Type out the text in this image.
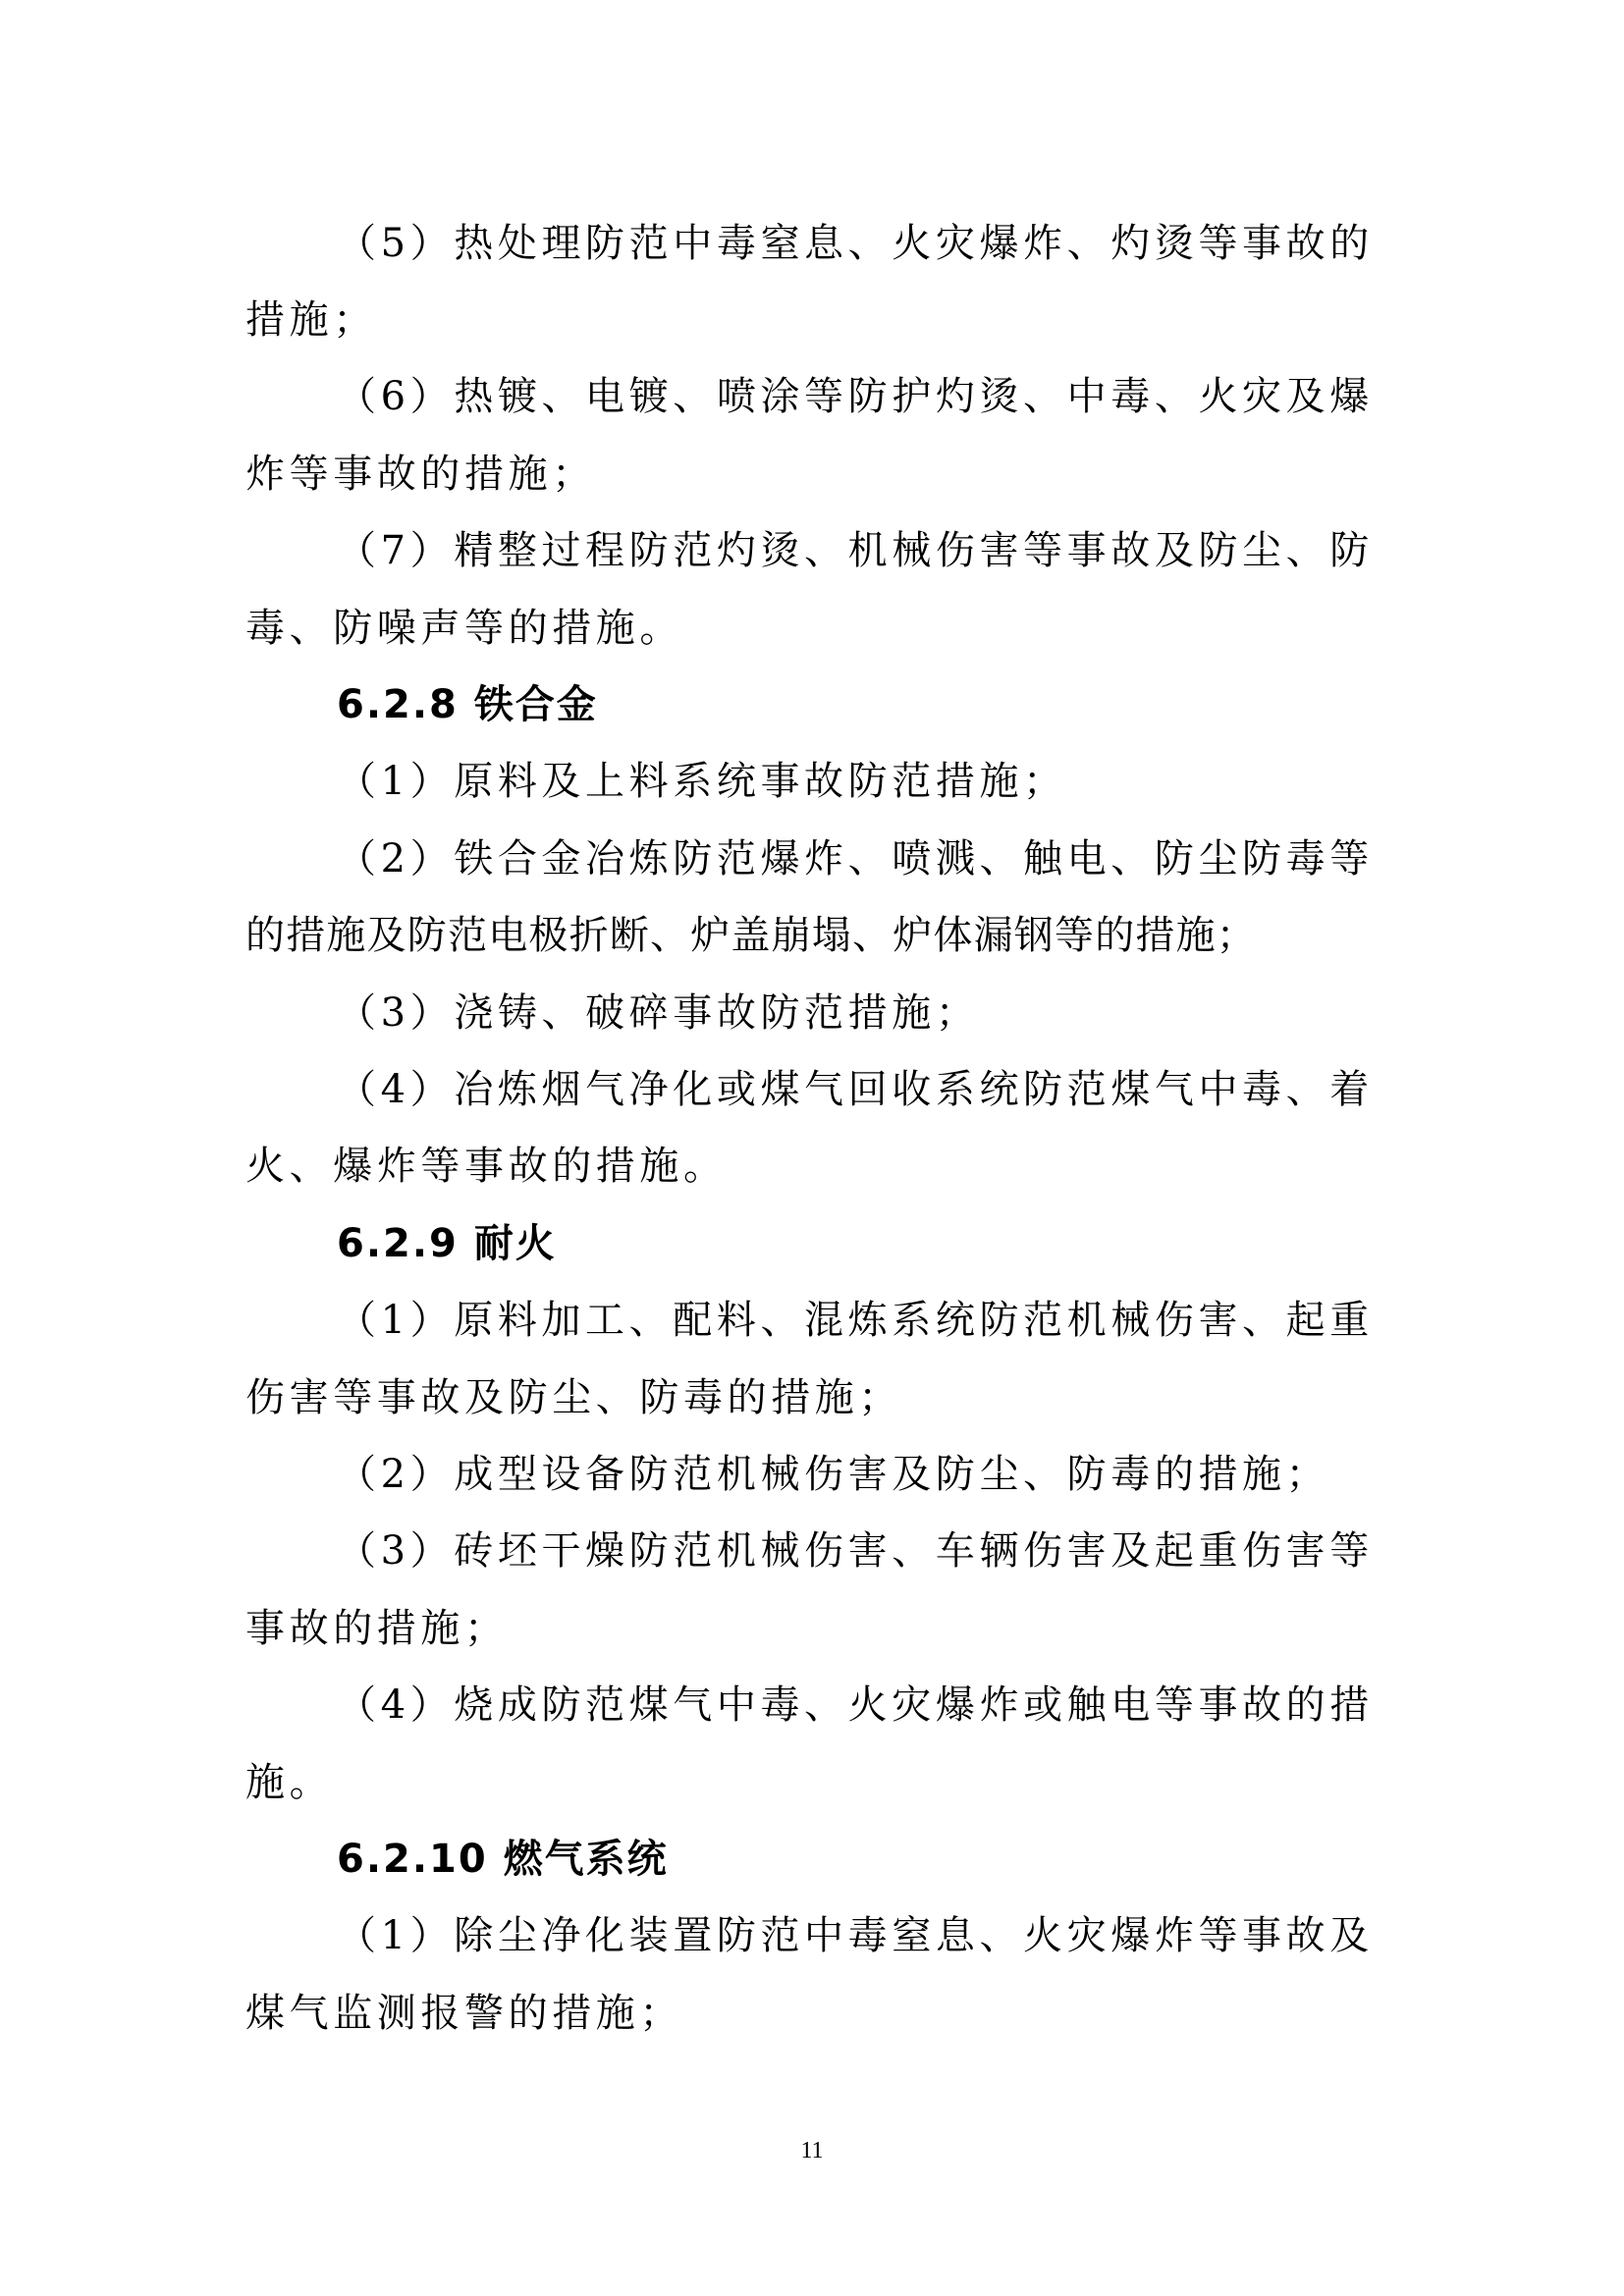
（5）热处理防范中毒窒息、火灾爆炸、灼烫等事故的
措施；
（6）热镀、电镀、喷涂等防护灼烫、中毒、火灾及爆
炸等事故的措施；
（7）精整过程防范灼烫、机械伤害等事故及防尘、防
毒、防噪声等的措施。
6.2.8 铁合金
（1）原料及上料系统事故防范措施；
（2）铁合金冶炼防范爆炸、喷溅、触电、防尘防毒等
的措施及防范电极折断、炉盖崩塌、炉体漏钢等的措施；
（3）浇铸、破碎事故防范措施；
（4）冶炼烟气净化或煤气回收系统防范煤气中毒、着
火、爆炸等事故的措施。
6.2.9 耐火
（1）原料加工、配料、混炼系统防范机械伤害、起重
伤害等事故及防尘、防毒的措施；
（2）成型设备防范机械伤害及防尘、防毒的措施；
（3）砖坯干燥防范机械伤害、车辆伤害及起重伤害等
事故的措施；
（4）烧成防范煤气中毒、火灾爆炸或触电等事故的措
施。
6.2.10 燃气系统
（1）除尘净化装置防范中毒窒息、火灾爆炸等事故及
煤气监测报警的措施；
11
